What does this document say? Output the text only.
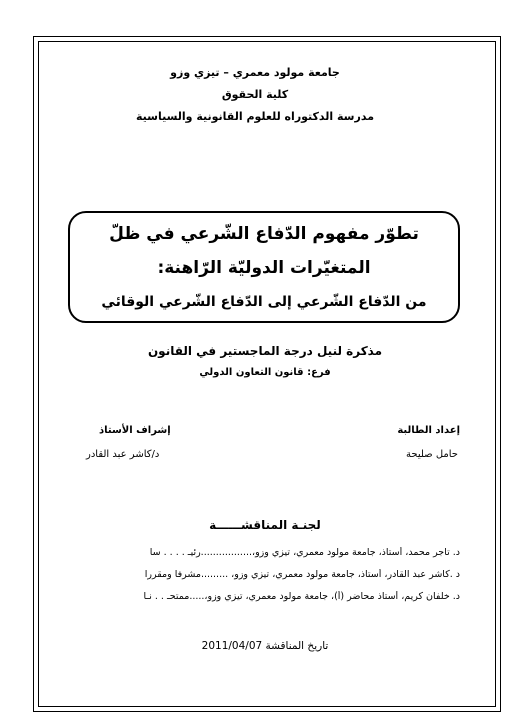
جامعة مولود معمري – تيزي وزو
كلية الحقوق
مدرسة الدكتوراه للعلوم القانونية والسياسية
تطوّر مفهوم الدّفاع الشّرعي في ظلّ
المتغيّرات الدوليّة الرّاهنة:
من الدّفاع الشّرعي إلى الدّفاع الشّرعي الوقائي
مذكرة لنيل درجة الماجستير في القانون
فرع: قانون التعاون الدولي
إعداد الطالبة
حامل صليحة
إشراف الأستاذ
د/كاشر عبد القادر
لجنـة المناقشــــــة
د. تاجر محمد، أستاذ، جامعة مولود معمري، تيزي وزو،.................رئيـ . . . . سا
د .كاشر عبد القادر، أستاذ، جامعة مولود معمري، تيزي وزو، .........مشرفا ومقررا
د. خلفان كريم، أستاذ محاضر (أ)، جامعة مولود معمري، تيزي وزو،.....ممتحـ . . نـا
تاريخ المناقشة 2011/04/07
